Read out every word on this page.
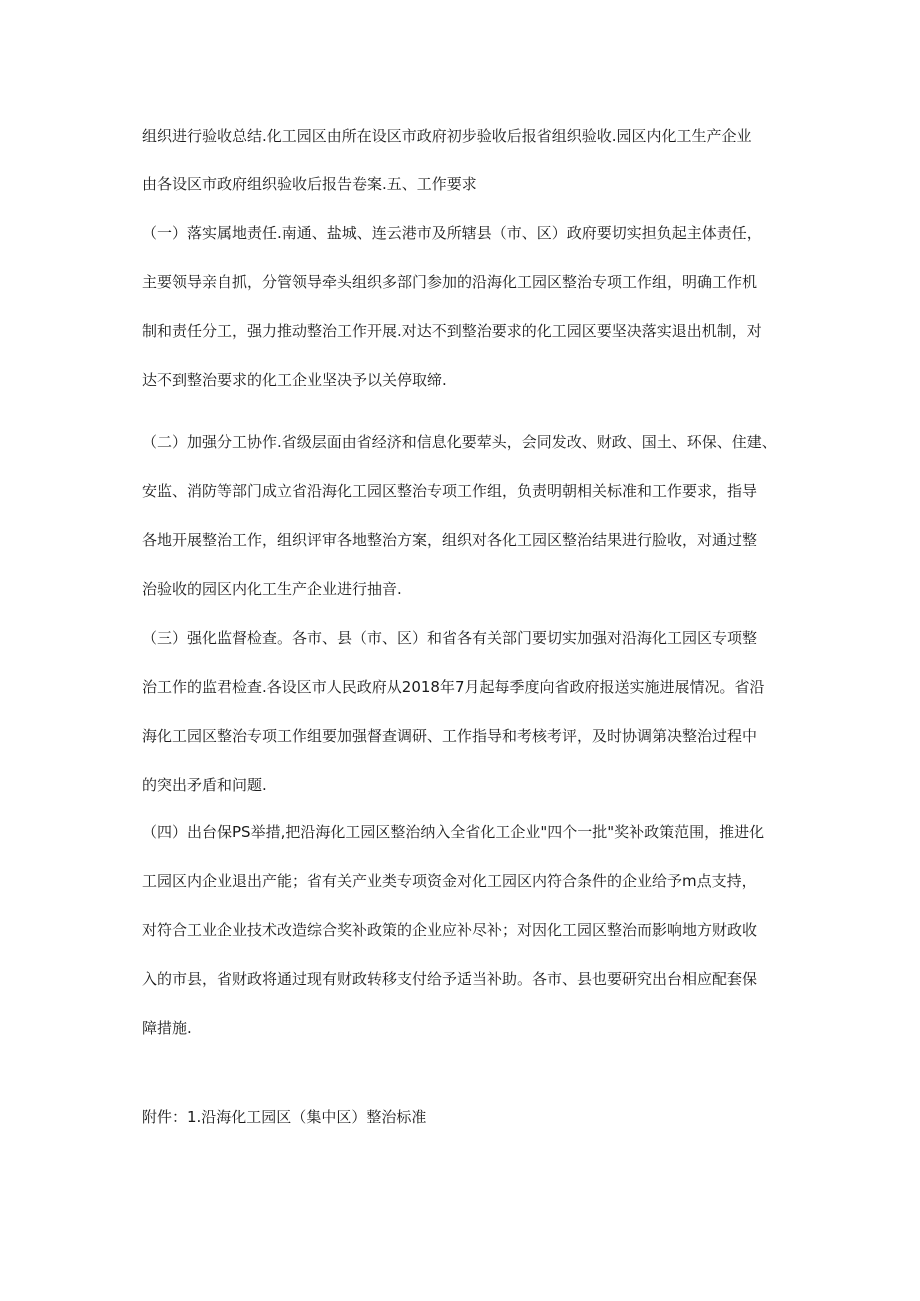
组织进行验收总结.化工园区由所在设区市政府初步验收后报省组织验收.园区内化工生产企业
由各设区市政府组织验收后报告卷案.五、工作要求
（一）落实属地责任.南通、盐城、连云港市及所辖县（市、区）政府要切实担负起主体责任，
主要领导亲自抓，分管领导牵头组织多部门参加的沿海化工园区整治专项工作组，明确工作机
制和责任分工，强力推动整治工作开展.对达不到整治要求的化工园区要坚决落实退出机制，对
达不到整治要求的化工企业坚决予以关停取缔.
（二）加强分工协作.省级层面由省经济和信息化要荤头，会同发改、财政、国土、环保、住建、
安监、消防等部门成立省沿海化工园区整治专项工作组，负责明朝相关标准和工作要求，指导
各地开展整治工作，组织评审各地整治方案，组织对各化工园区整治结果进行脸收，对通过整
治验收的园区内化工生产企业进行抽音.
（三）强化监督检查。各市、县（市、区）和省各有关部门要切实加强对沿海化工园区专项整
治工作的监君检查.各设区市人民政府从2018年7月起每季度向省政府报送实施进展情况。省沿
海化工园区整治专项工作组要加强督查调研、工作指导和考核考评，及时协调第决整治过程中
的突出矛盾和问题.
（四）出台保PS举措,把沿海化工园区整治纳入全省化工企业"四个一批"奖补政策范围，推进化
工园区内企业退出产能；省有关产业类专项资金对化工园区内符合条件的企业给予m点支持，
对符合工业企业技术改造综合奖补政策的企业应补尽补；对因化工园区整治而影响地方财政收
入的市县，省财政将通过现有财政转移支付给予适当补助。各市、县也要研究出台相应配套保
障措施.
附件：1.沿海化工园区（集中区）整治标准
